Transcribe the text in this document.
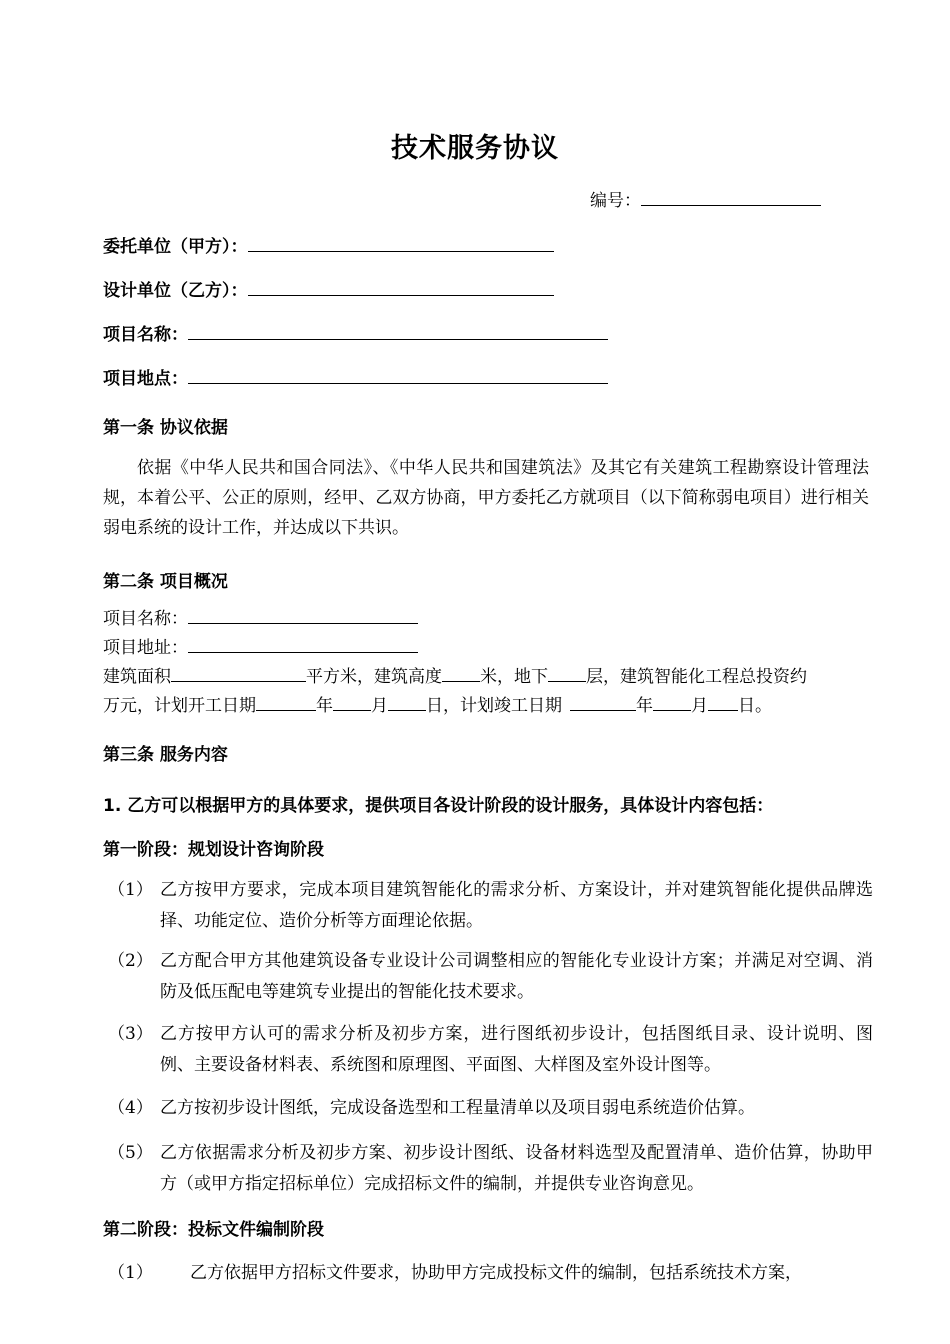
技术服务协议
编号：
委托单位（甲方）：
设计单位（乙方）：
项目名称：
项目地点：
第一条 协议依据
依据《中华人民共和国合同法》、《中华人民共和国建筑法》及其它有关建筑工程勘察设计管理法规，本着公平、公正的原则，经甲、乙双方协商，甲方委托乙方就项目（以下简称弱电项目）进行相关弱电系统的设计工作，并达成以下共识。
第二条 项目概况
项目名称：
项目地址：
建筑面积	平方米，建筑高度 米，地下 层，建筑智能化工程总投资约
万元，计划开工日期	年 月 日，计划竣工日期	年 月 日。
第三条 服务内容
1. 乙方可以根据甲方的具体要求，提供项目各设计阶段的设计服务，具体设计内容包括：
第一阶段：规划设计咨询阶段
（1） 乙方按甲方要求，完成本项目建筑智能化的需求分析、方案设计，并对建筑智能化提供品牌选择、功能定位、造价分析等方面理论依据。
（2） 乙方配合甲方其他建筑设备专业设计公司调整相应的智能化专业设计方案；并满足对空调、消防及低压配电等建筑专业提出的智能化技术要求。
（3） 乙方按甲方认可的需求分析及初步方案，进行图纸初步设计，包括图纸目录、设计说明、图例、主要设备材料表、系统图和原理图、平面图、大样图及室外设计图等。
（4） 乙方按初步设计图纸，完成设备选型和工程量清单以及项目弱电系统造价估算。
（5） 乙方依据需求分析及初步方案、初步设计图纸、设备材料选型及配置清单、造价估算，协助甲方（或甲方指定招标单位）完成招标文件的编制，并提供专业咨询意见。
第二阶段：投标文件编制阶段
（1） 乙方依据甲方招标文件要求，协助甲方完成投标文件的编制，包括系统技术方案，
